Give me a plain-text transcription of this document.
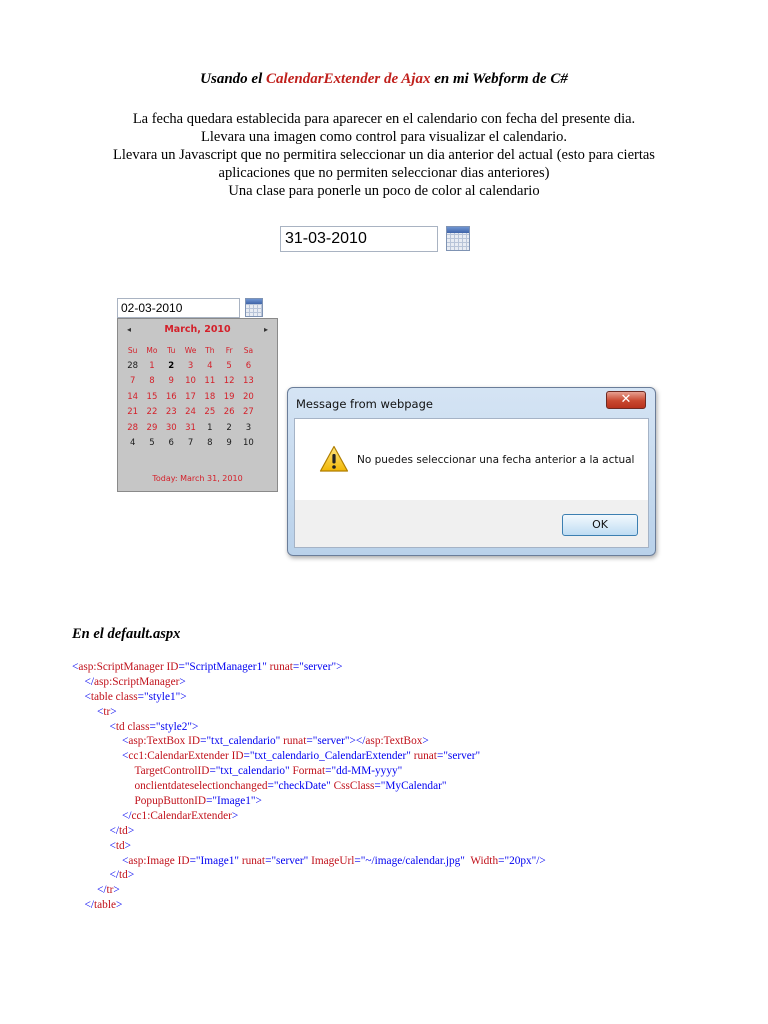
Usando el CalendarExtender de Ajax en mi Webform de C#
La fecha quedara establecida para aparecer en el calendario con fecha del presente dia.
Llevara una imagen como control para visualizar el calendario.
Llevara un Javascript que no permitira seleccionar un dia anterior del actual (esto para ciertas
aplicaciones que no permiten seleccionar dias anteriores)
Una clase para ponerle un poco de color al calendario
31-03-2010
02-03-2010
◂	March, 2010	▸
Su	Mo	Tu	We	Th	Fr	Sa
28	1	2	3	4	5	6
7	8	9	10 11 12 13
14 15 16 17 18 19 20
21 22 23 24 25 26 27
28 29 30 31	1	2	3
4	5	6	7	8	9	10
Today: March 31, 2010
Message from webpage	✕
No puedes seleccionar una fecha anterior a la actual
OK
En el default.aspx
<asp:ScriptManager ID="ScriptManager1" runat="server">
</asp:ScriptManager>
<table class="style1">
<tr>
<td class="style2">
<asp:TextBox ID="txt_calendario" runat="server"></asp:TextBox>
<cc1:CalendarExtender ID="txt_calendario_CalendarExtender" runat="server"
TargetControlID="txt_calendario" Format="dd-MM-yyyy"
onclientdateselectionchanged="checkDate" CssClass="MyCalendar"
PopupButtonID="Image1">
</cc1:CalendarExtender>
</td>
<td>
<asp:Image ID="Image1" runat="server" ImageUrl="~/image/calendar.jpg"  Width="20px"/>
</td>
</tr>
</table>
